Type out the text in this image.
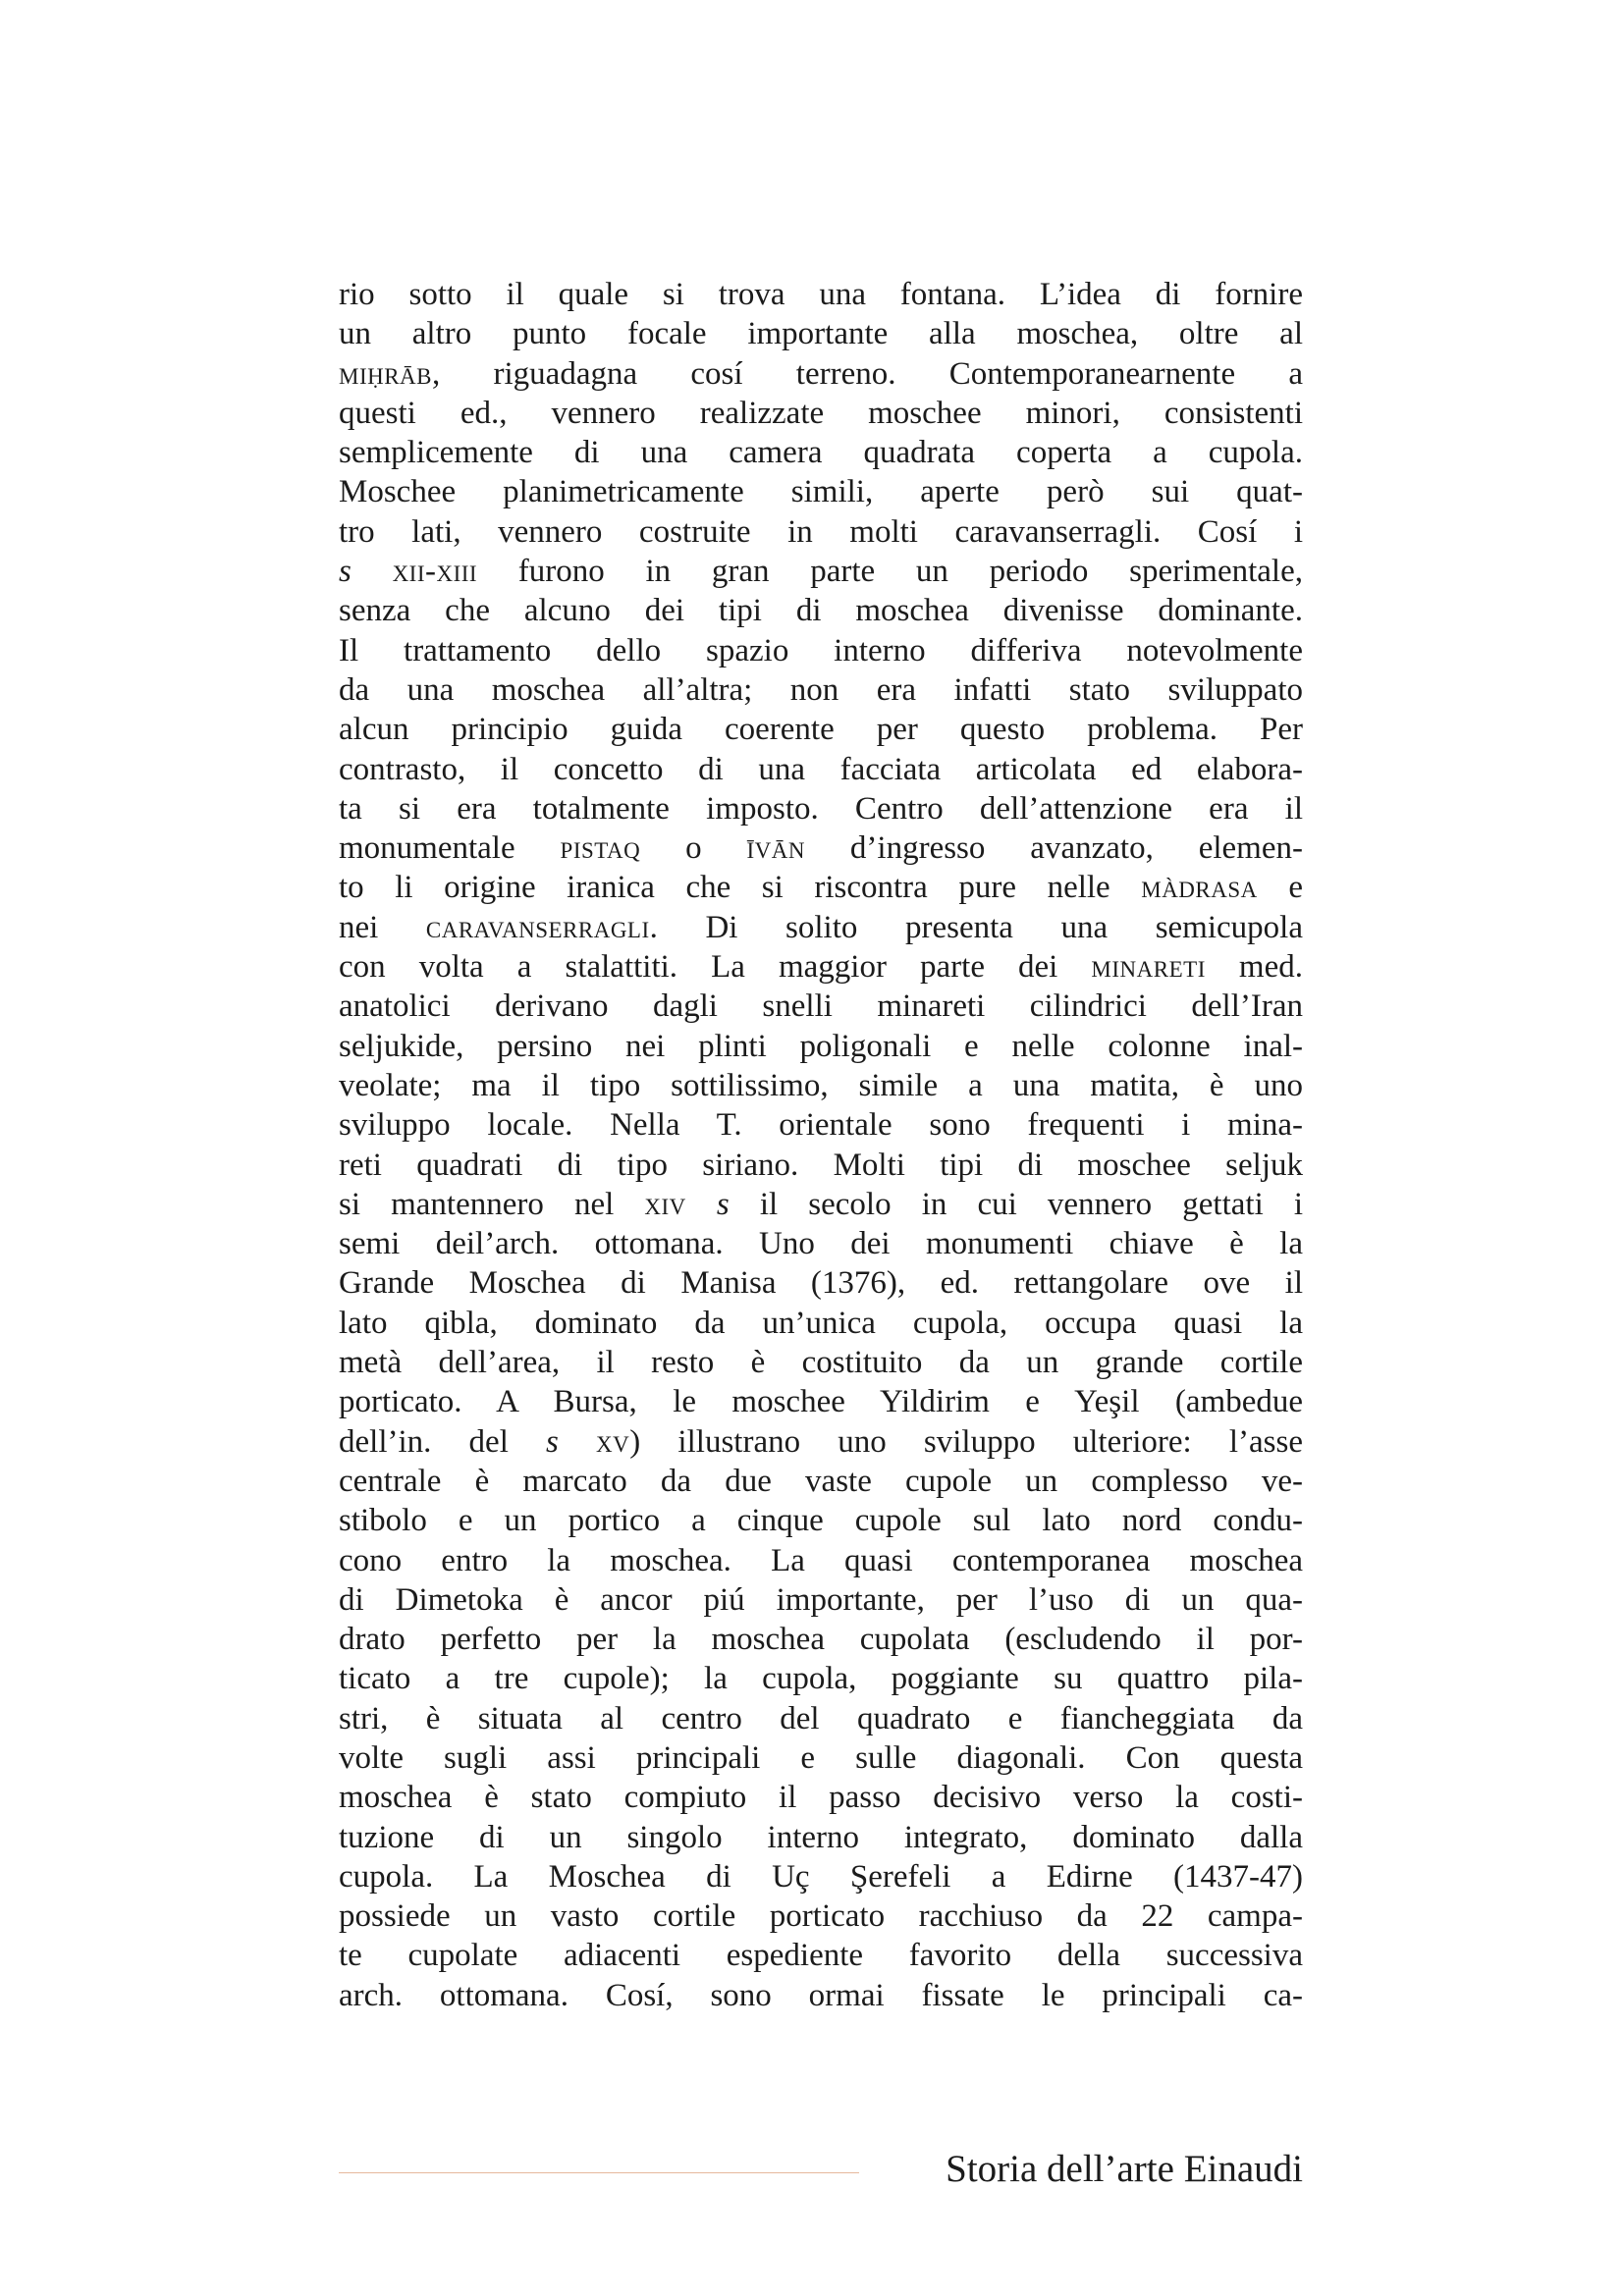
rio sotto il quale si trova una fontana. L’idea di fornire
un altro punto focale importante alla moschea, oltre al
miḥrāb, riguadagna cosí terreno. Contemporanearnente a
questi ed., vennero realizzate moschee minori, consistenti
semplicemente di una camera quadrata coperta a cupola.
Moschee planimetricamente simili, aperte però sui quat-
tro lati, vennero costruite in molti caravanserragli. Cosí i
s xii-xiii furono in gran parte un periodo sperimentale,
senza che alcuno dei tipi di moschea divenisse dominante.
Il trattamento dello spazio interno differiva notevolmente
da una moschea all’altra; non era infatti stato sviluppato
alcun principio guida coerente per questo problema. Per
contrasto, il concetto di una facciata articolata ed elabora-
ta si era totalmente imposto. Centro dell’attenzione era il
monumentale pistaq o īvān d’ingresso avanzato, elemen-
to li origine iranica che si riscontra pure nelle màdrasa e
nei caravanserragli. Di solito presenta una semicupola
con volta a stalattiti. La maggior parte dei minareti med.
anatolici derivano dagli snelli minareti cilindrici dell’Iran
seljukide, persino nei plinti poligonali e nelle colonne inal-
veolate; ma il tipo sottilissimo, simile a una matita, è uno
sviluppo locale. Nella T. orientale sono frequenti i mina-
reti quadrati di tipo siriano. Molti tipi di moschee seljuk
si mantennero nel xiv s il secolo in cui vennero gettati i
semi deil’arch. ottomana. Uno dei monumenti chiave è la
Grande Moschea di Manisa (1376), ed. rettangolare ove il
lato qibla, dominato da un’unica cupola, occupa quasi la
metà dell’area, il resto è costituito da un grande cortile
porticato. A Bursa, le moschee Yildirim e Yeşil (ambedue
dell’in. del s xv) illustrano uno sviluppo ulteriore: l’asse
centrale è marcato da due vaste cupole un complesso ve-
stibolo e un portico a cinque cupole sul lato nord condu-
cono entro la moschea. La quasi contemporanea moschea
di Dimetoka è ancor piú importante, per l’uso di un qua-
drato perfetto per la moschea cupolata (escludendo il por-
ticato a tre cupole); la cupola, poggiante su quattro pila-
stri, è situata al centro del quadrato e fiancheggiata da
volte sugli assi principali e sulle diagonali. Con questa
moschea è stato compiuto il passo decisivo verso la costi-
tuzione di un singolo interno integrato, dominato dalla
cupola. La Moschea di Uç Şerefeli a Edirne (1437-47)
possiede un vasto cortile porticato racchiuso da 22 campa-
te cupolate adiacenti espediente favorito della successiva
arch. ottomana. Cosí, sono ormai fissate le principali ca-
Storia dell’arte Einaudi
